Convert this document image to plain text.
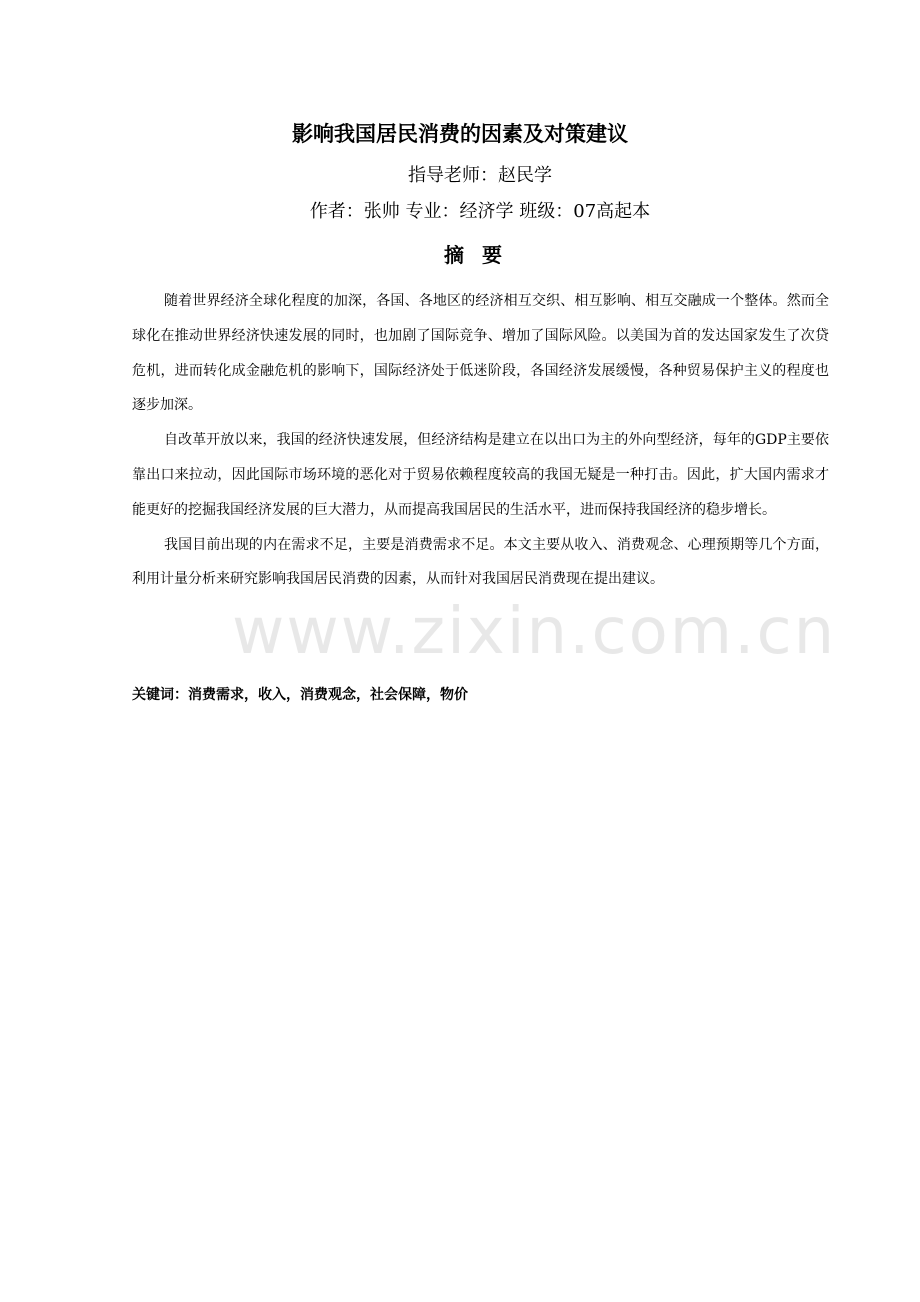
影响我国居民消费的因素及对策建议
指导老师：赵民学
作者：张帅 专业：经济学 班级：07高起本
摘要

随着世界经济全球化程度的加深，各国、各地区的经济相互交织、相互影响、相互交融成一个整体。然而全球化在推动世界经济快速发展的同时，也加剧了国际竞争、增加了国际风险。以美国为首的发达国家发生了次贷危机，进而转化成金融危机的影响下，国际经济处于低迷阶段，各国经济发展缓慢，各种贸易保护主义的程度也逐步加深。

自改革开放以来，我国的经济快速发展，但经济结构是建立在以出口为主的外向型经济，每年的GDP主要依靠出口来拉动，因此国际市场环境的恶化对于贸易依赖程度较高的我国无疑是一种打击。因此，扩大国内需求才能更好的挖掘我国经济发展的巨大潜力，从而提高我国居民的生活水平，进而保持我国经济的稳步增长。

我国目前出现的内在需求不足，主要是消费需求不足。本文主要从收入、消费观念、心理预期等几个方面，利用计量分析来研究影响我国居民消费的因素，从而针对我国居民消费现在提出建议。

关键词：消费需求，收入，消费观念，社会保障，物价
www.zixin.com.cn
